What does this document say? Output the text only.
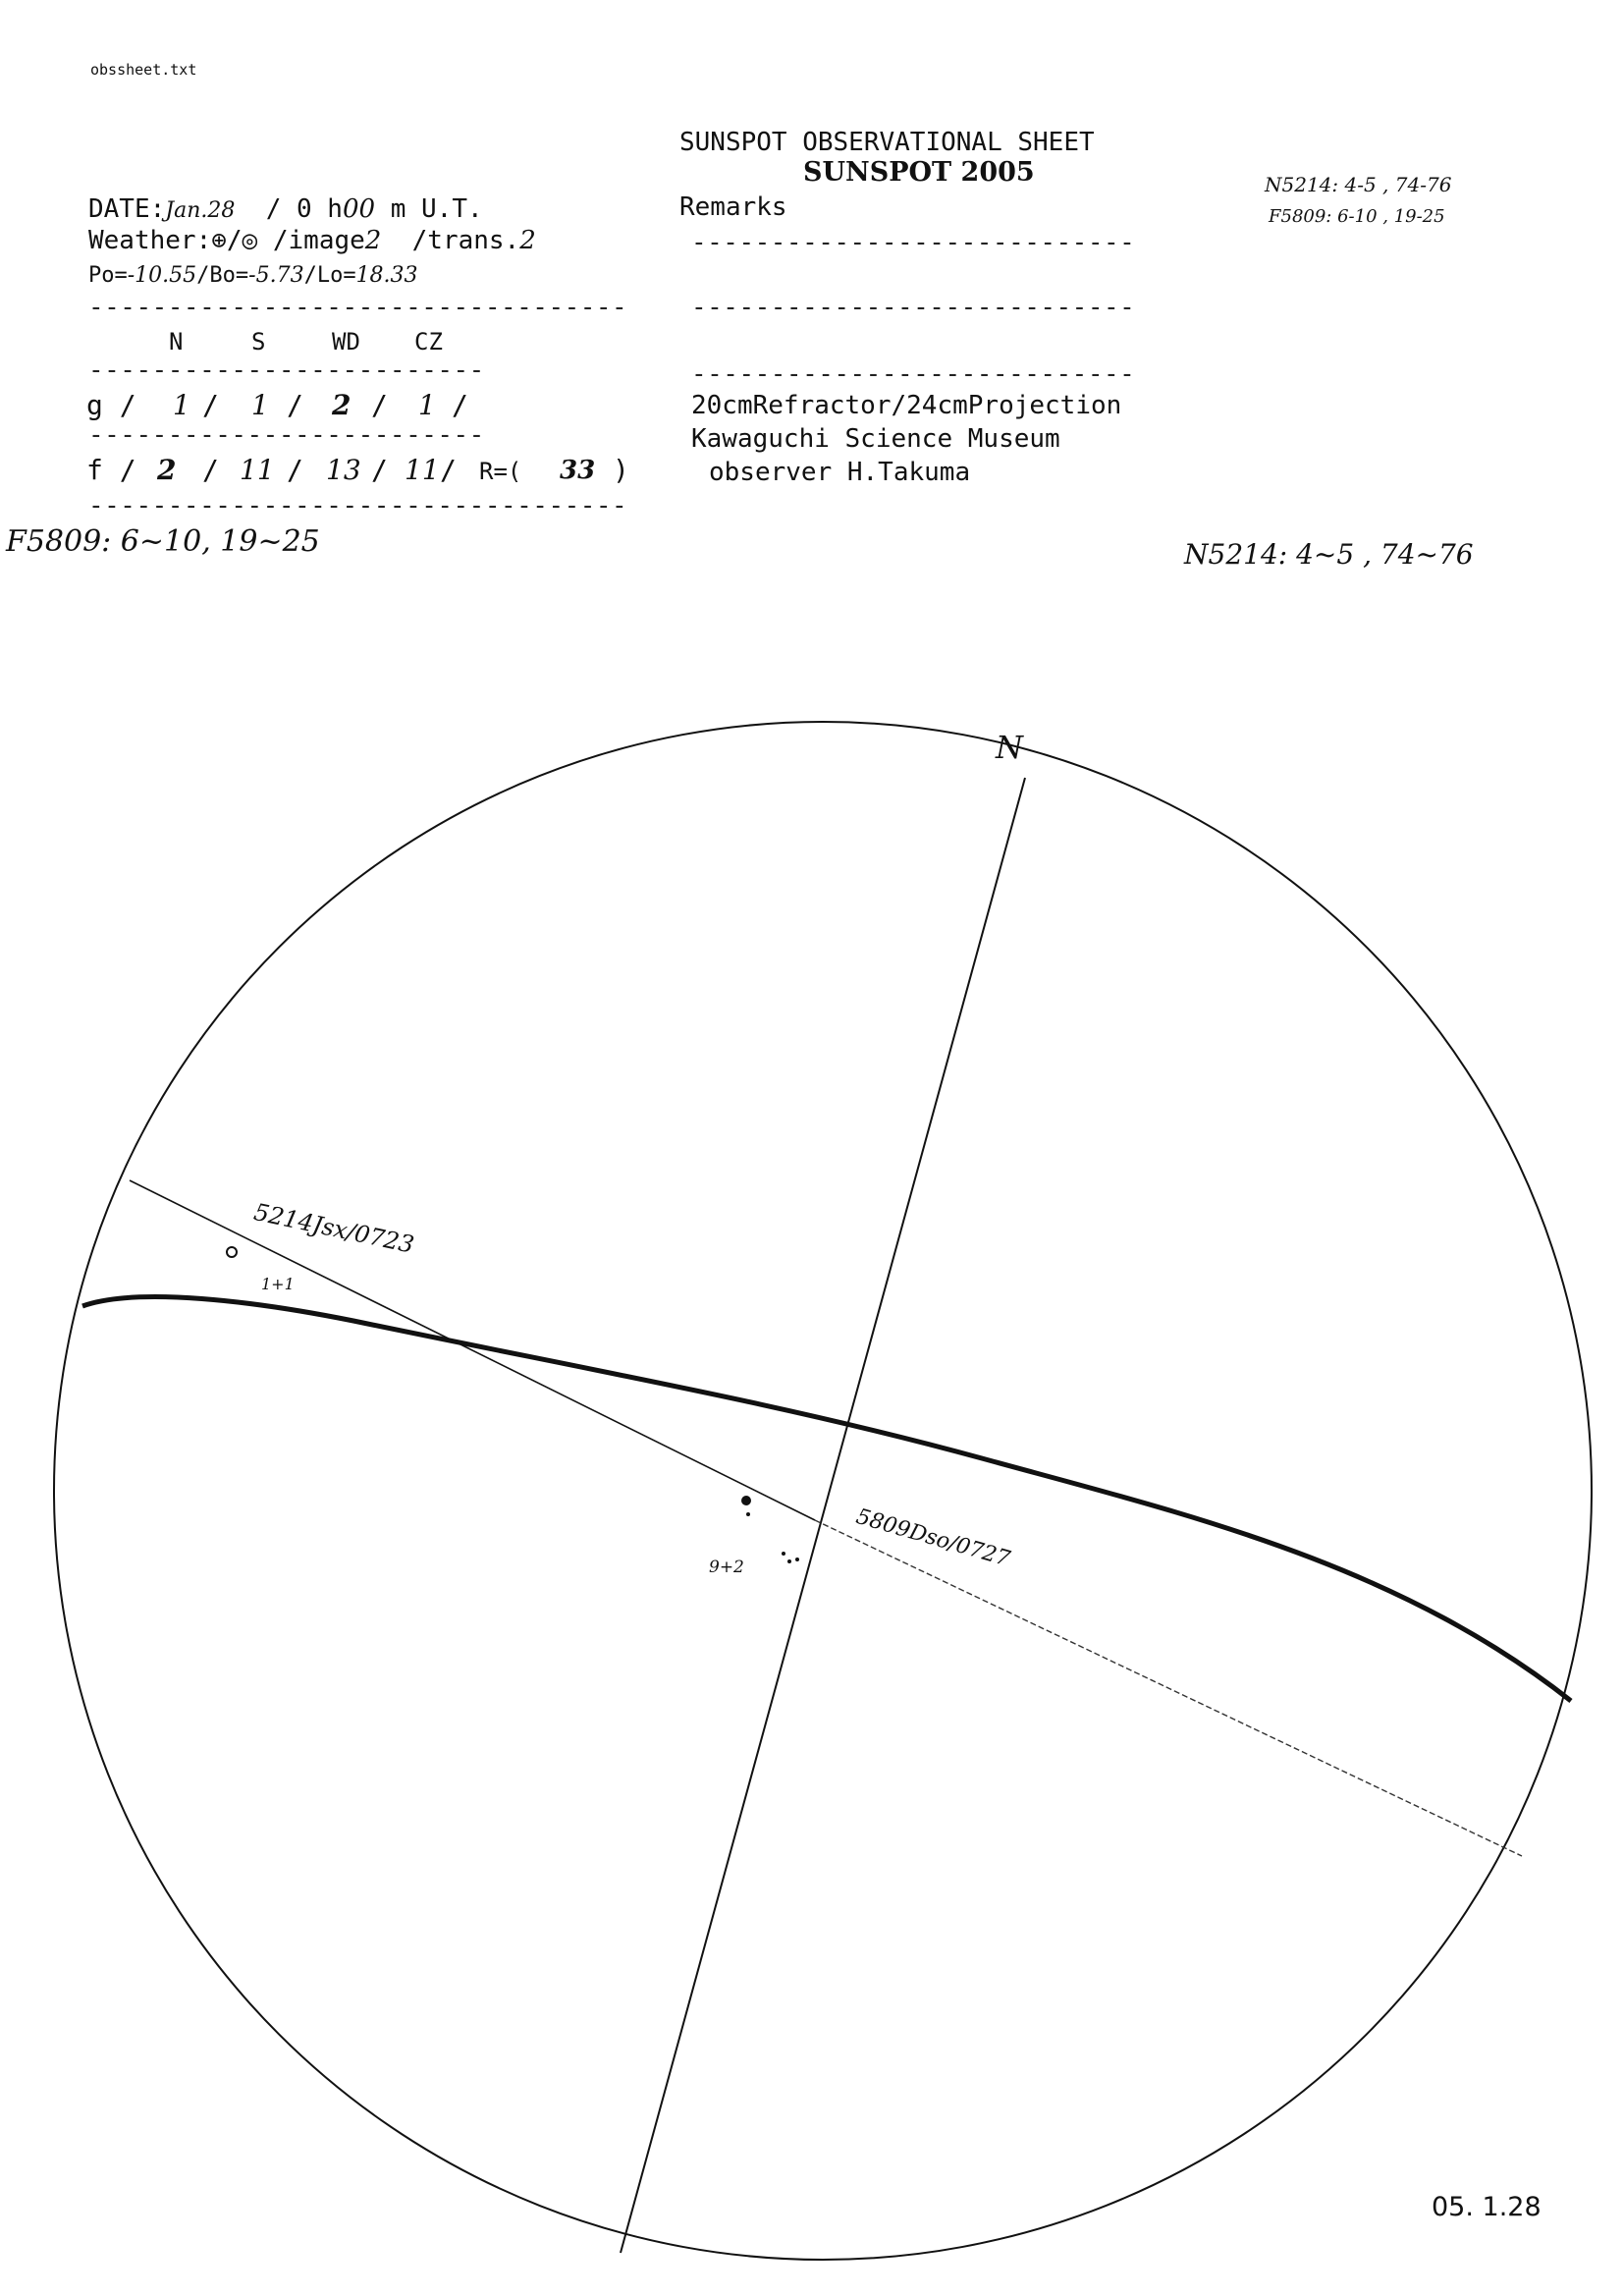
obssheet.txt
SUNSPOT OBSERVATIONAL SHEET
SUNSPOT 2005	N5214: 4-5 , 74-76
F5809: 6-10 , 19-25
DATE:Jan.28 / 0 h00 m U.T.	Remarks
Weather:⊕/◎ /image2 /trans.2	----------------------------
Po=-10.55/Bo=-5.73/Lo=18.33
---------------------------------- ----------------------------
N	S	WD CZ
-------------------------	----------------------------
g / 1 / 1 / 2 / 1 /	20cmRefractor/24cmProjection
-------------------------	Kawaguchi Science Museum
f / 2 / 11 / 13 / 11 / R=( 33 )	observer H.Takuma
----------------------------------
F5809: 6~10, 19~25	N5214: 4~5 , 74~76
N
5214Jsx/0723
1+1
5809Dso/0727
9+2
05. 1.28
